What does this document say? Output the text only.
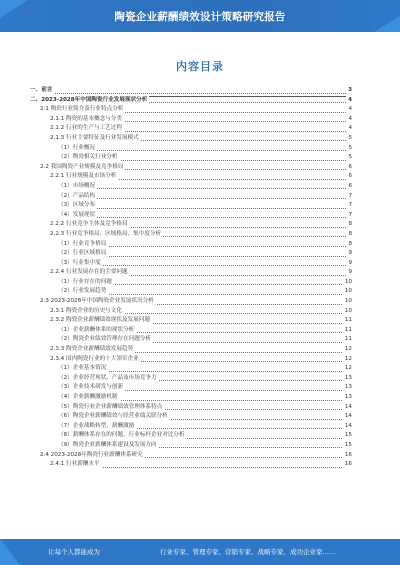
陶瓷企业薪酬绩效设计策略研究报告
内容目录
一、前言	3
二、2023-2028年中国陶瓷行业发展现状分析	4
2.1 陶瓷行业简介及行业特点分析	4
2.1.1 陶瓷的基本概念与分类	4
2.1.2 行业的生产与工艺过程	4
2.1.3 行业主要特征及行业发展模式	5
（1）行业概况	5
（2）陶瓷相关行业分析	5
2.2 我国陶瓷产业规模及竞争格局	6
2.2.1 行业规模及市场分析	6
（1）市场概况	6
（2）产品结构	7
（3）区域分布	7
（4）发展现状	7
2.2.2 行业竞争主体及竞争格局	8
2.2.3 行业竞争格局、区域格局、集中度分析	8
（1）行业竞争格局	8
（2）行业区域格局	9
（3）行业集中度	9
2.2.4 行业发展存在的主要问题	9
（1）行业存在的问题	10
（2）行业发展趋势	10
2.3 2023-2028年中国陶瓷企业发展状况分析	10
2.3.1 陶瓷企业的历史与文化	10
2.3.2 陶瓷企业薪酬绩效现状及发展问题	11
（1）企业薪酬体系的现状分析	11
（2）陶瓷企业绩效管理存在问题分析	11
2.3.3 陶瓷企业薪酬绩效发展趋势	12
2.3.4 国内陶瓷行业的十大领军企业	12
（1）企业基本情况	12
（2）企业经营现状、产品及市场竞争力	13
（3）企业技术研发与创新	13
（4）企业薪酬激励机制	13
（5）陶瓷行业企业薪酬绩效管理体系特点	14
（6）陶瓷企业薪酬绩效与经营业绩关联分析	14
（7）企业战略转型、薪酬激励	14
（8）薪酬体系存在的问题、行业标杆企业对比分析	15
（9）陶瓷企业薪酬体系建设及发展方向	15
2.4 2023-2028年陶瓷行业薪酬体系研究	16
2.4.1 行业薪酬水平	16
让每个人都能成为	行业专家、管理专家、营销专家、战略专家、成功企业家……
